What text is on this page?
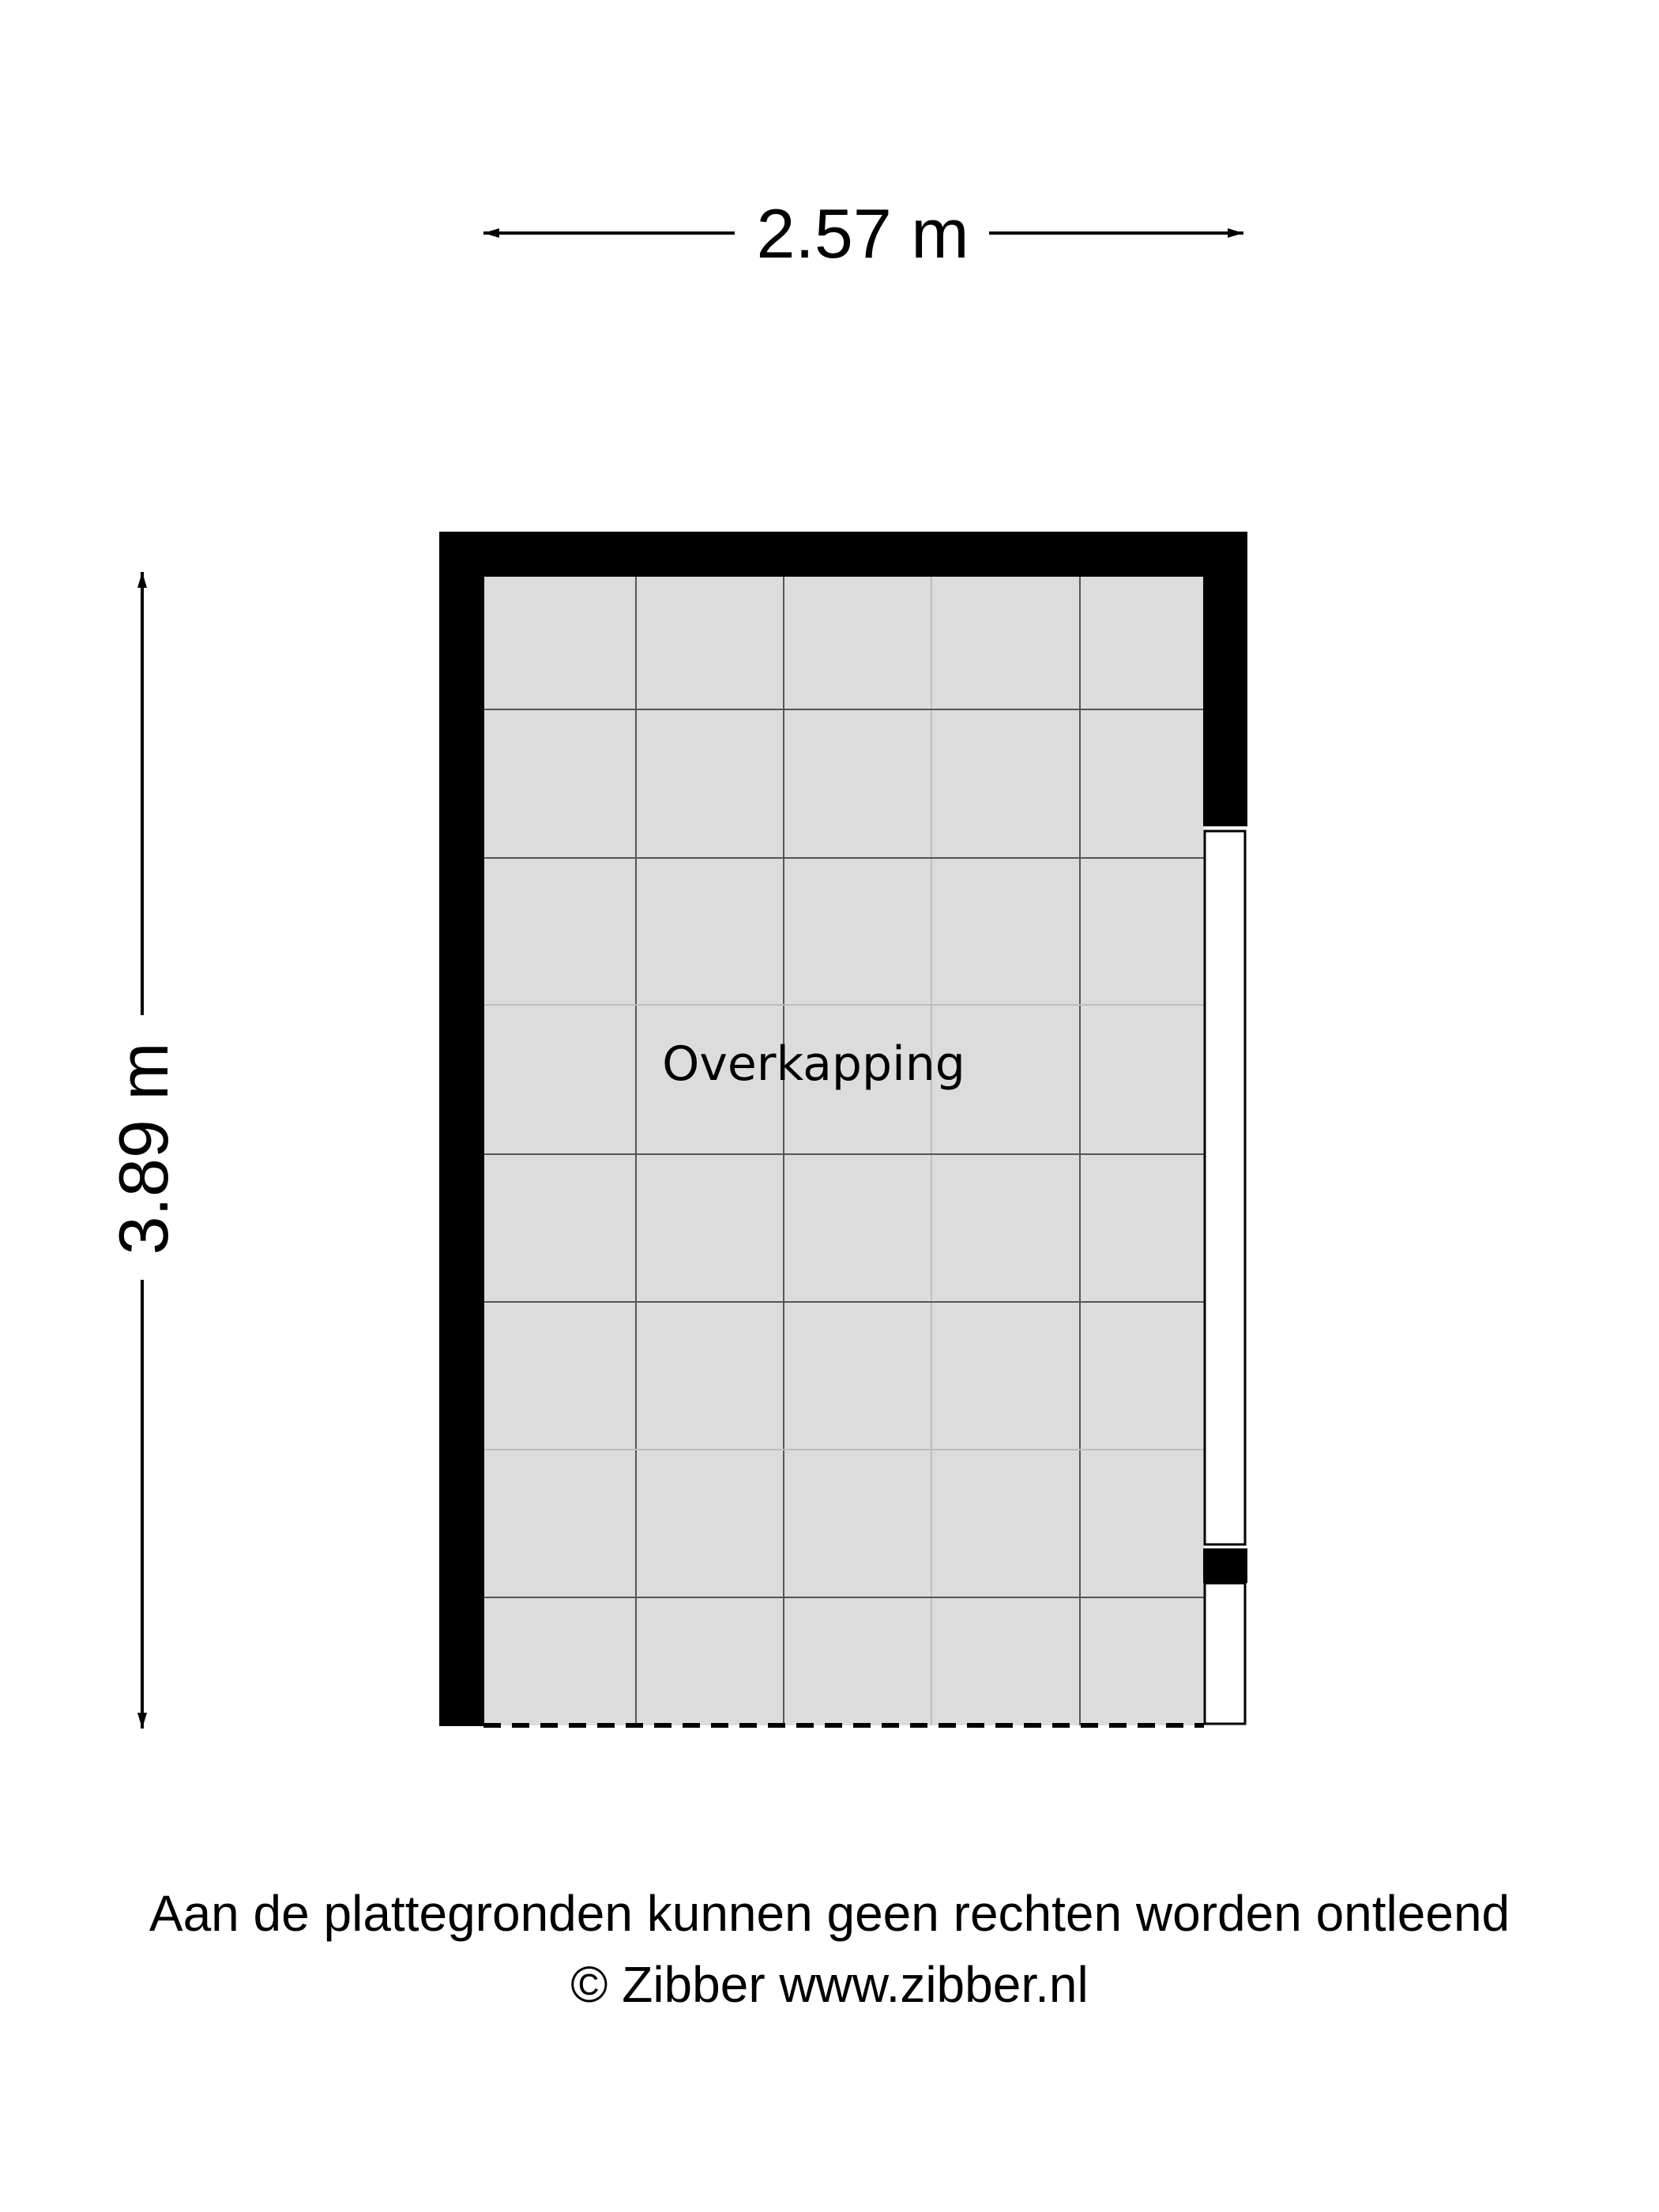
2.57 m
3.89 m	Overkapping
Aan de plattegronden kunnen geen rechten worden ontleend
© Zibber www.zibber.nl
